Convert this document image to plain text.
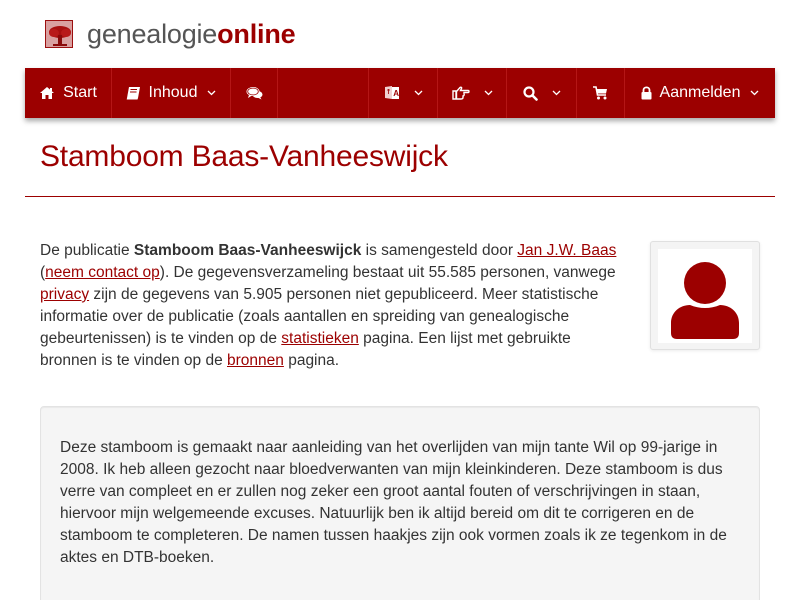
genealogieonline
Start	Inhoud	A	Aanmelden
Stamboom Baas-Vanheeswijck

De publicatie Stamboom Baas-Vanheeswijck is samengesteld door Jan J.W. Baas (neem contact op). De gegevensverzameling bestaat uit 55.585 personen, vanwege privacy zijn de gegevens van 5.905 personen niet gepubliceerd. Meer statistische informatie over de publicatie (zoals aantallen en spreiding van genealogische gebeurtenissen) is te vinden op de statistieken pagina. Een lijst met gebruikte bronnen is te vinden op de bronnen pagina.

Deze stamboom is gemaakt naar aanleiding van het overlijden van mijn tante Wil op 99-jarige in 2008. Ik heb alleen gezocht naar bloedverwanten van mijn kleinkinderen. Deze stamboom is dus verre van compleet en er zullen nog zeker een groot aantal fouten of verschrijvingen in staan, hiervoor mijn welgemeende excuses. Natuurlijk ben ik altijd bereid om dit te corrigeren en de stamboom te completeren. De namen tussen haakjes zijn ook vormen zoals ik ze tegenkom in de aktes en DTB-boeken.
